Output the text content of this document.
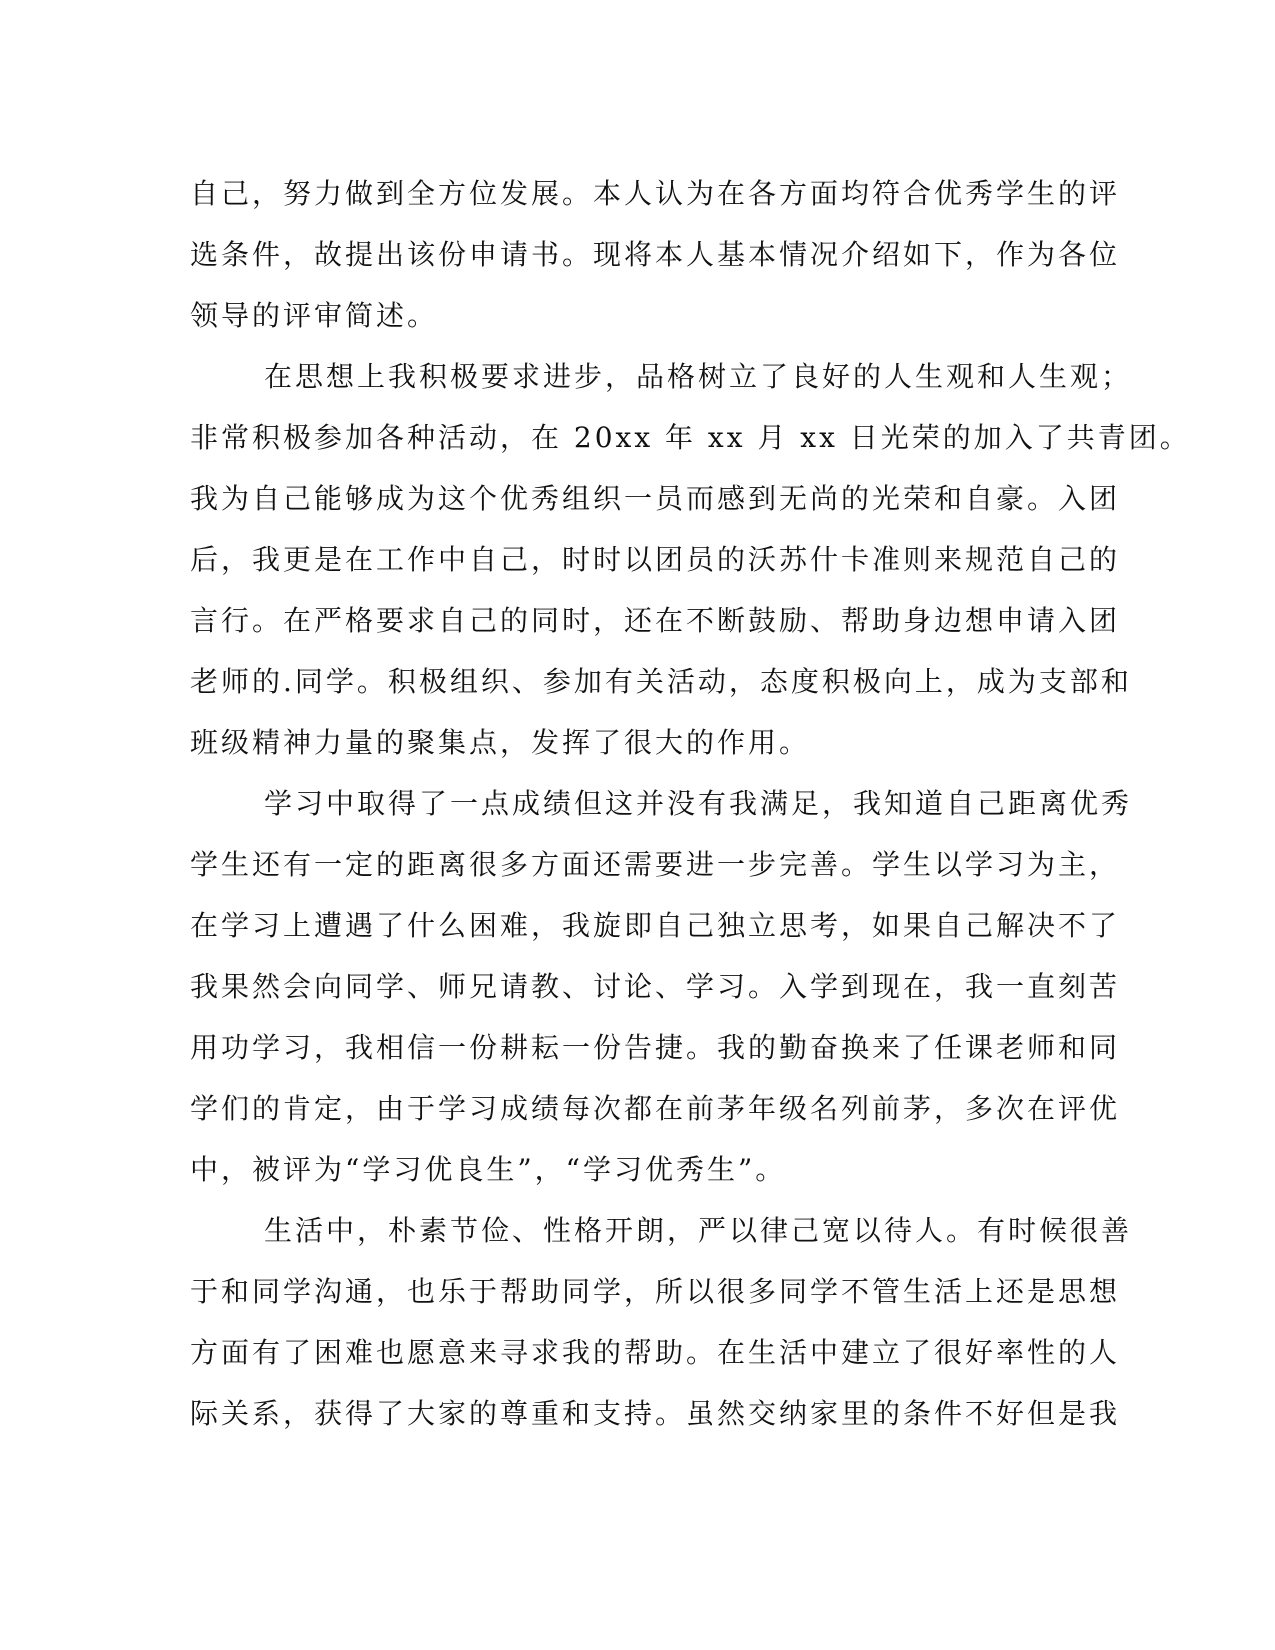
自己，努力做到全方位发展。本人认为在各方面均符合优秀学生的评
选条件，故提出该份申请书。现将本人基本情况介绍如下，作为各位
领导的评审简述。
在思想上我积极要求进步，品格树立了良好的人生观和人生观；
非常积极参加各种活动，在 20xx 年 xx 月 xx 日光荣的加入了共青团。
我为自己能够成为这个优秀组织一员而感到无尚的光荣和自豪。入团
后，我更是在工作中自己，时时以团员的沃苏什卡准则来规范自己的
言行。在严格要求自己的同时，还在不断鼓励、帮助身边想申请入团
老师的.同学。积极组织、参加有关活动，态度积极向上，成为支部和
班级精神力量的聚集点，发挥了很大的作用。
学习中取得了一点成绩但这并没有我满足，我知道自己距离优秀
学生还有一定的距离很多方面还需要进一步完善。学生以学习为主，
在学习上遭遇了什么困难，我旋即自己独立思考，如果自己解决不了
我果然会向同学、师兄请教、讨论、学习。入学到现在，我一直刻苦
用功学习，我相信一份耕耘一份告捷。我的勤奋换来了任课老师和同
学们的肯定，由于学习成绩每次都在前茅年级名列前茅，多次在评优
中，被评为“学习优良生”，“学习优秀生”。
生活中，朴素节俭、性格开朗，严以律己宽以待人。有时候很善
于和同学沟通，也乐于帮助同学，所以很多同学不管生活上还是思想
方面有了困难也愿意来寻求我的帮助。在生活中建立了很好率性的人
际关系，获得了大家的尊重和支持。虽然交纳家里的条件不好但是我
